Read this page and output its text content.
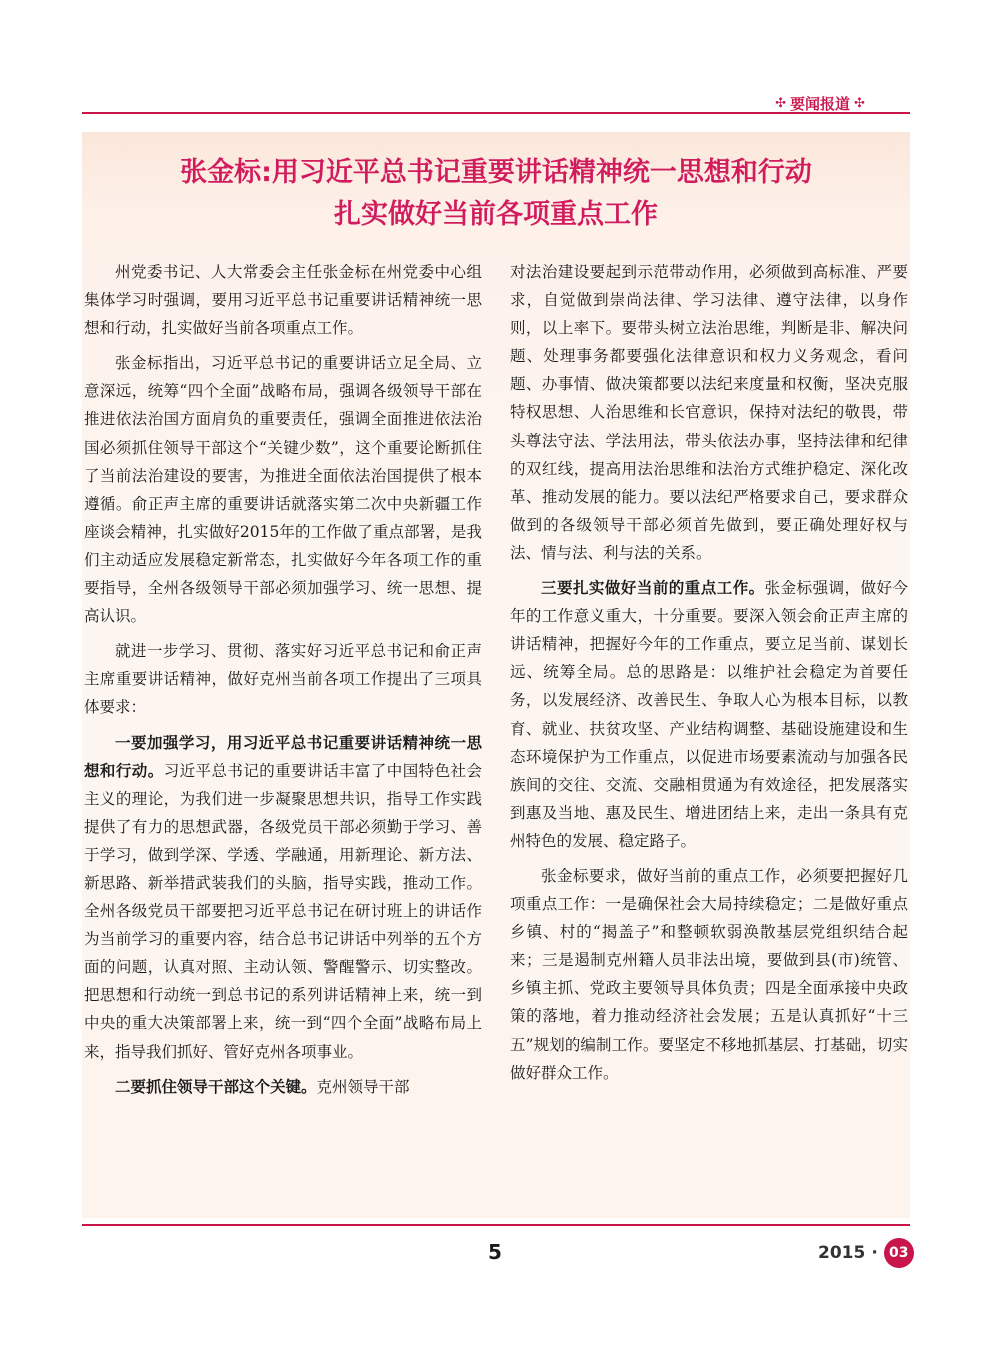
✣ 要闻报道 ✣
张金标:用习近平总书记重要讲话精神统一思想和行动
扎实做好当前各项重点工作

州党委书记、人大常委会主任张金标在州党委中心组集体学习时强调，要用习近平总书记重要讲话精神统一思想和行动，扎实做好当前各项重点工作。

张金标指出，习近平总书记的重要讲话立足全局、立意深远，统筹“四个全面”战略布局，强调各级领导干部在推进依法治国方面肩负的重要责任，强调全面推进依法治国必须抓住领导干部这个“关键少数”，这个重要论断抓住了当前法治建设的要害，为推进全面依法治国提供了根本遵循。俞正声主席的重要讲话就落实第二次中央新疆工作座谈会精神，扎实做好2015年的工作做了重点部署，是我们主动适应发展稳定新常态，扎实做好今年各项工作的重要指导，全州各级领导干部必须加强学习、统一思想、提高认识。

就进一步学习、贯彻、落实好习近平总书记和俞正声主席重要讲话精神，做好克州当前各项工作提出了三项具体要求：

一要加强学习，用习近平总书记重要讲话精神统一思想和行动。习近平总书记的重要讲话丰富了中国特色社会主义的理论，为我们进一步凝聚思想共识，指导工作实践提供了有力的思想武器，各级党员干部必须勤于学习、善于学习，做到学深、学透、学融通，用新理论、新方法、新思路、新举措武装我们的头脑，指导实践，推动工作。全州各级党员干部要把习近平总书记在研讨班上的讲话作为当前学习的重要内容，结合总书记讲话中列举的五个方面的问题，认真对照、主动认领、警醒警示、切实整改。把思想和行动统一到总书记的系列讲话精神上来，统一到中央的重大决策部署上来，统一到“四个全面”战略布局上来，指导我们抓好、管好克州各项事业。

二要抓住领导干部这个关键。克州领导干部

对法治建设要起到示范带动作用，必须做到高标准、严要求，自觉做到崇尚法律、学习法律、遵守法律，以身作则，以上率下。要带头树立法治思维，判断是非、解决问题、处理事务都要强化法律意识和权力义务观念，看问题、办事情、做决策都要以法纪来度量和权衡，坚决克服特权思想、人治思维和长官意识，保持对法纪的敬畏，带头尊法守法、学法用法，带头依法办事，坚持法律和纪律的双红线，提高用法治思维和法治方式维护稳定、深化改革、推动发展的能力。要以法纪严格要求自己，要求群众做到的各级领导干部必须首先做到，要正确处理好权与法、情与法、利与法的关系。

三要扎实做好当前的重点工作。张金标强调，做好今年的工作意义重大，十分重要。要深入领会俞正声主席的讲话精神，把握好今年的工作重点，要立足当前、谋划长远、统筹全局。总的思路是：以维护社会稳定为首要任务，以发展经济、改善民生、争取人心为根本目标，以教育、就业、扶贫攻坚、产业结构调整、基础设施建设和生态环境保护为工作重点，以促进市场要素流动与加强各民族间的交往、交流、交融相贯通为有效途径，把发展落实到惠及当地、惠及民生、增进团结上来，走出一条具有克州特色的发展、稳定路子。

张金标要求，做好当前的重点工作，必须要把握好几项重点工作：一是确保社会大局持续稳定；二是做好重点乡镇、村的“揭盖子”和整顿软弱涣散基层党组织结合起来；三是遏制克州籍人员非法出境，要做到县(市)统管、乡镇主抓、党政主要领导具体负责；四是全面承接中央政策的落地，着力推动经济社会发展；五是认真抓好“十三五”规划的编制工作。要坚定不移地抓基层、打基础，切实做好群众工作。

5	2015 · 03
